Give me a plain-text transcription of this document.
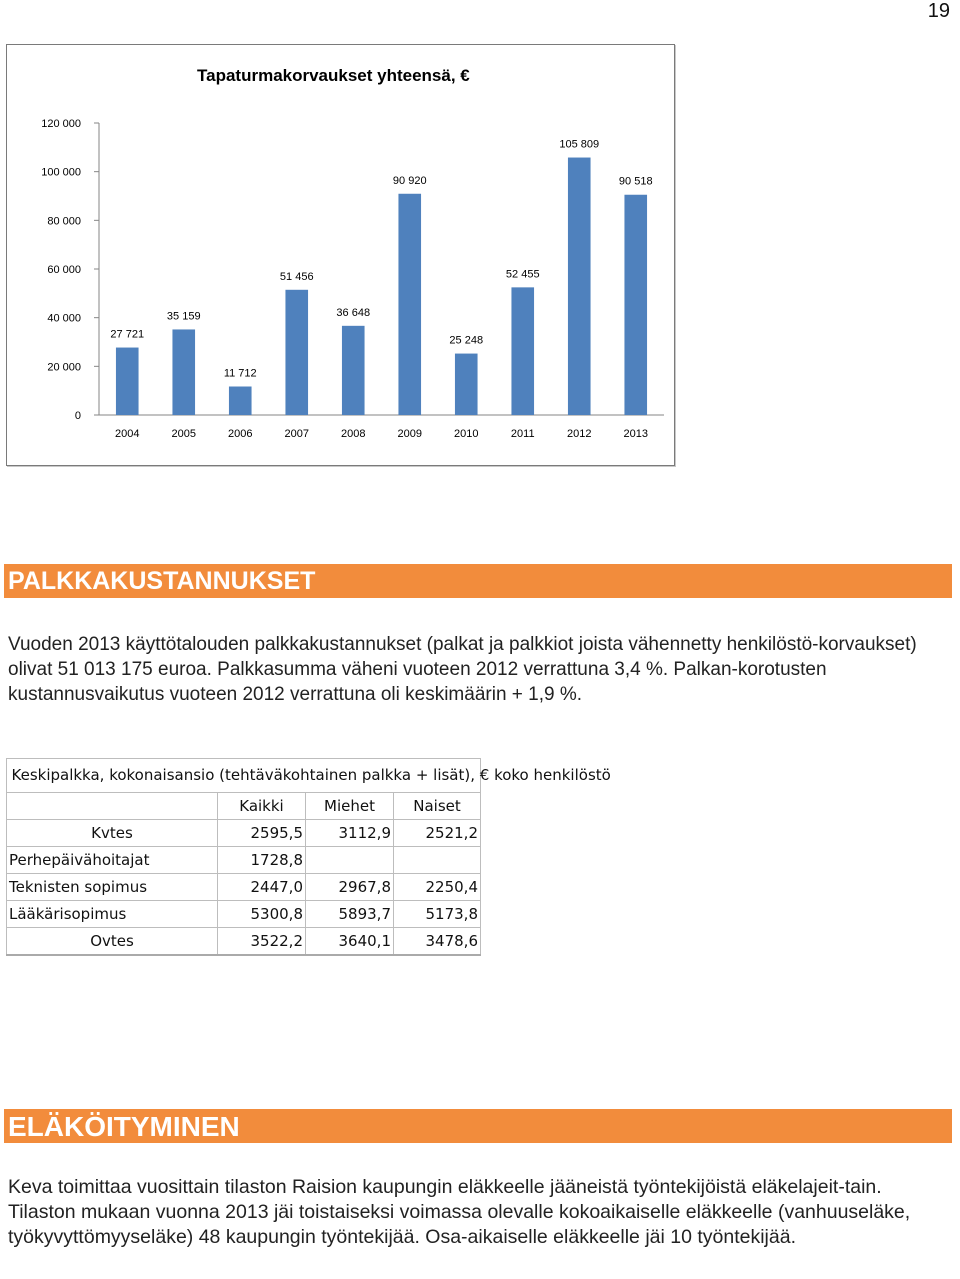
19
Tapaturmakorvaukset yhteensä, €
0
20 000
40 000
60 000
80 000
100 000
120 000
27 721
35 159
11 712
51 456
36 648
90 920
25 248
52 455
105 809
90 518
2004	2005	2006	2007	2008	2009	2010	2011	2012	2013
PALKKAKUSTANNUKSET
Vuoden 2013 käyttötalouden palkkakustannukset (palkat ja palkkiot joista vähennetty henkilöstö-korvaukset) olivat 51 013 175 euroa. Palkkasumma väheni vuoteen 2012 verrattuna 3,4 %. Palkan-korotusten kustannusvaikutus vuoteen 2012 verrattuna oli keskimäärin + 1,9 %.
Keskipalkka, kokonaisansio (tehtäväkohtainen palkka + lisät), € koko henkilöstö			

	Kaikki	Miehet	Naiset
Kvtes	2595,5	3112,9	2521,2
Perhepäivähoitajat	1728,8		
Teknisten sopimus	2447,0	2967,8	2250,4
Lääkärisopimus	5300,8	5893,7	5173,8
Ovtes	3522,2	3640,1	3478,6
ELÄKÖITYMINEN
Keva toimittaa vuosittain tilaston Raision kaupungin eläkkeelle jääneistä työntekijöistä eläkelajeit-tain. Tilaston mukaan vuonna 2013 jäi toistaiseksi voimassa olevalle kokoaikaiselle eläkkeelle (vanhuuseläke, työkyvyttömyyseläke) 48 kaupungin työntekijää. Osa-aikaiselle eläkkeelle jäi 10 työntekijää.
